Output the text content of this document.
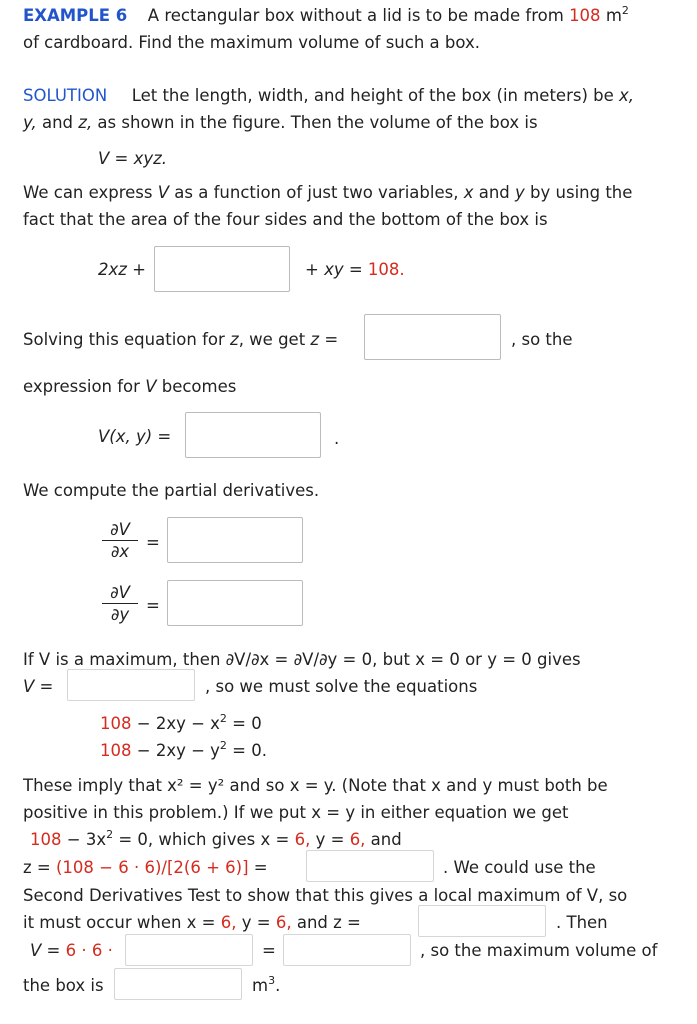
EXAMPLE 6 A rectangular box without a lid is to be made from 108 $m^2$
of cardboard. Find the maximum volume of such a box.
SOLUTION Let the length, width, and height of the box (in meters) be x,
y, and z, as shown in the figure. Then the volume of the box is
V = xyz.
We can express V as a function of just two variables, x and y by using the
fact that the area of the four sides and the bottom of the box is
2xz +	+ xy = 108.
Solving this equation for z, we get z =	, so the
expression for V becomes
V(x, y) =	.
We compute the partial derivatives.
$\frac{\partial V}{\partial x}$ =
$\frac{\partial V}{\partial y}$ =
If V is a maximum, then ∂V/∂x = ∂V/∂y = 0, but x = 0 or y = 0 gives
V =	, so we must solve the equations
$108 - 2xy - x^2 = 0$
$108 - 2xy - y^2 = 0$.
These imply that x² = y² and so x = y. (Note that x and y must both be
positive in this problem.) If we put x = y in either equation we get
$108 - 3x^2 = 0$, which gives x = 6, y = 6, and
z = (108 − 6 · 6)/[2(6 + 6)] =	. We could use the
Second Derivatives Test to show that this gives a local maximum of V, so
it must occur when x = 6, y = 6, and z =	. Then
V = 6 · 6 ·	=	, so the maximum volume of
the box is	$m^3$.
